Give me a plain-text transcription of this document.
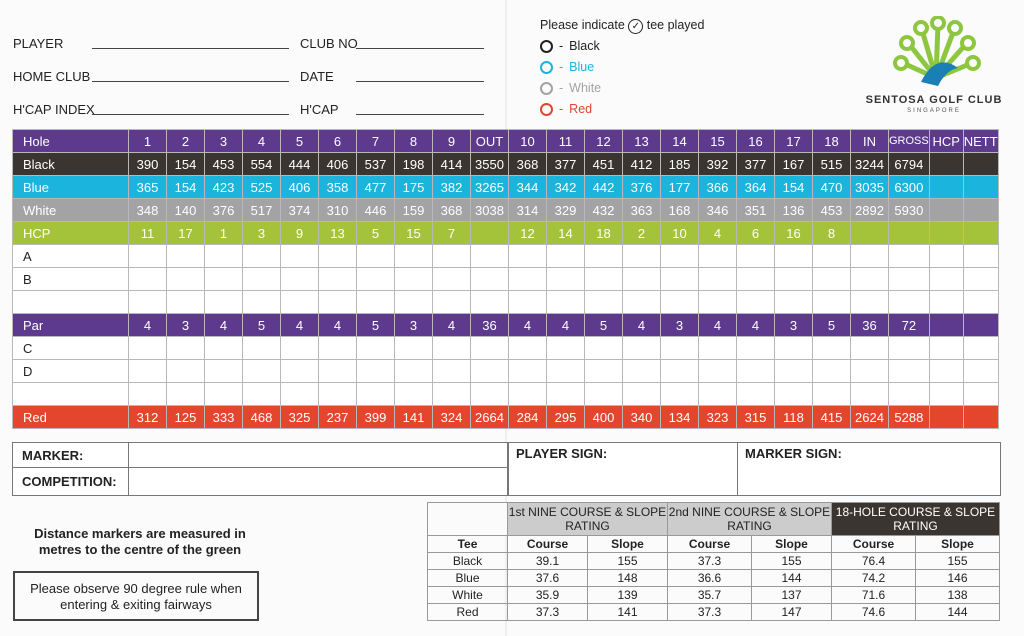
PLAYER
HOME CLUB
H'CAP INDEX
CLUB NO
DATE
H'CAP
Please indicate ✓ tee played
- Black
- Blue
- White
- Red
SENTOSA GOLF CLUB
SINGAPORE
Hole	1	2	3	4	5	6	7	8	9	OUT	10	11	12	13	14	15	16	17	18	IN	GROSS	HCP	NETT
Black	390	154	453	554	444	406	537	198	414	3550	368	377	451	412	185	392	377	167	515	3244	6794		
Blue	365	154	423	525	406	358	477	175	382	3265	344	342	442	376	177	366	364	154	470	3035	6300		
White	348	140	376	517	374	310	446	159	368	3038	314	329	432	363	168	346	351	136	453	2892	5930		
HCP	11	17	1	3	9	13	5	15	7		12	14	18	2	10	4	6	16	8				
A																							
B																							

Par	4	3	4	5	4	4	5	3	4	36	4	4	5	4	3	4	4	3	5	36	72		
C																							
D																							

Red	312	125	333	468	325	237	399	141	324	2664	284	295	400	340	134	323	315	118	415	2624	5288		
MARKER:
COMPETITION:
PLAYER SIGN:	MARKER SIGN:
Distance markers are measured in metres to the centre of the green
Please observe 90 degree rule when entering & exiting fairways
	1st NINE COURSE & SLOPE RATING		2nd NINE COURSE & SLOPE RATING		18-HOLE COURSE & SLOPE RATING	
Tee	Course	Slope	Course	Slope	Course	Slope
Black	39.1	155	37.3	155	76.4	155
Blue	37.6	148	36.6	144	74.2	146
White	35.9	139	35.7	137	71.6	138
Red	37.3	141	37.3	147	74.6	144
